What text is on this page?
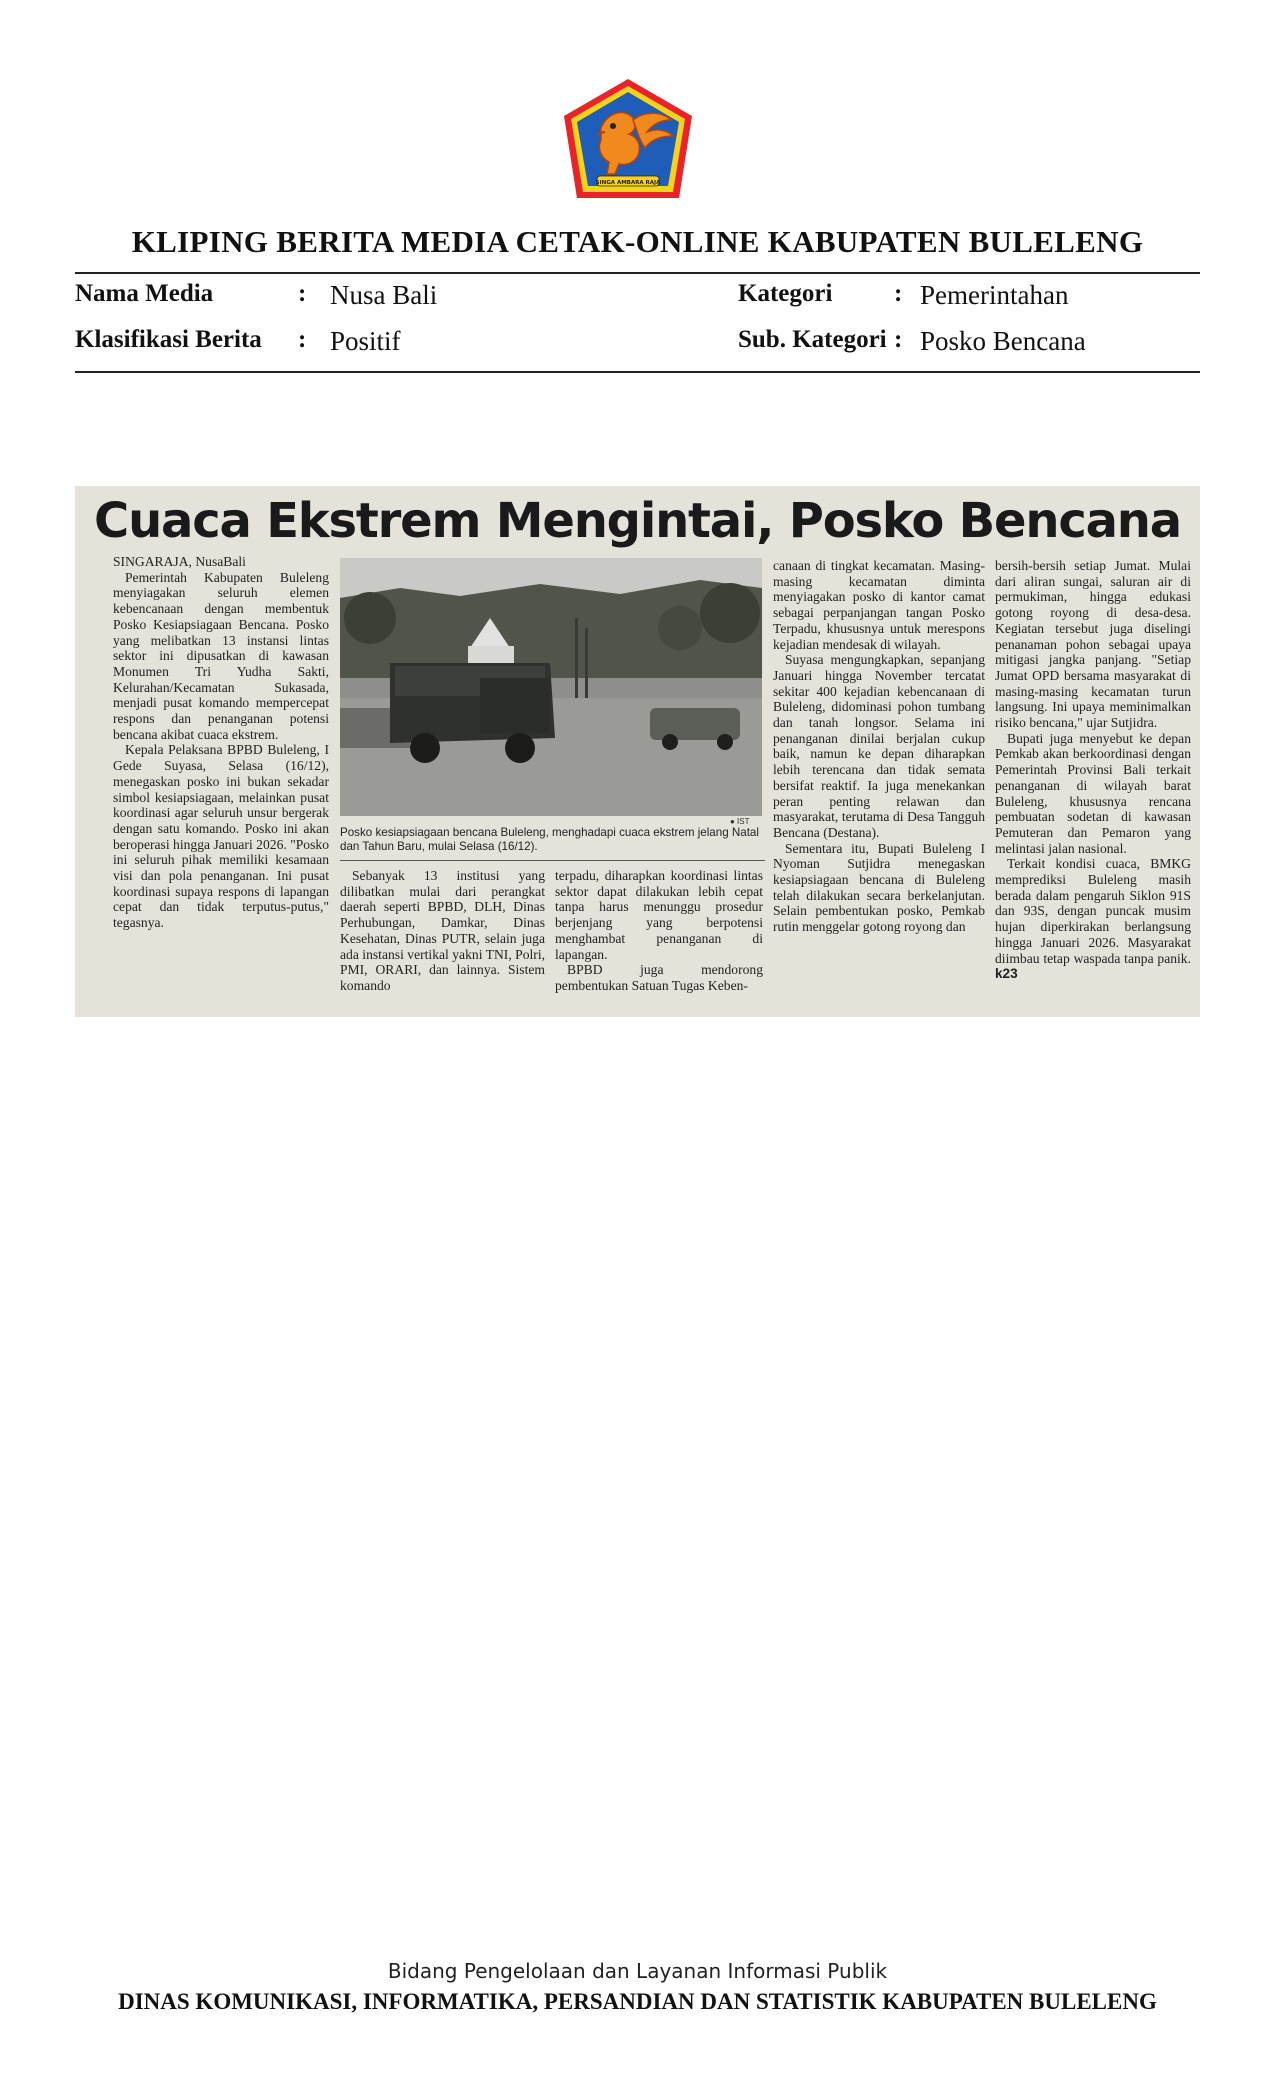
SINGA AMBARA RAJA
KLIPING BERITA MEDIA CETAK-ONLINE KABUPATEN BULELENG
Nama Media	: Nusa Bali	Kategori : Pemerintahan
Klasifikasi Berita : Positif	Sub. Kategori : Posko Bencana
Cuaca Ekstrem Mengintai, Posko Bencana

SINGARAJA, NusaBali

Pemerintah Kabupaten Buleleng menyiagakan seluruh elemen kebencanaan dengan membentuk Posko Kesiapsiagaan Bencana. Posko yang melibatkan 13 instansi lintas sektor ini dipusatkan di kawasan Monumen Tri Yudha Sakti, Kelurahan/Kecamatan Sukasada, menjadi pusat komando mempercepat respons dan penanganan potensi bencana akibat cuaca ekstrem.

Kepala Pelaksana BPBD Buleleng, I Gede Suyasa, Selasa (16/12), menegaskan posko ini bukan sekadar simbol kesiapsiagaan, melainkan pusat koordinasi agar seluruh unsur bergerak dengan satu komando. Posko ini akan beroperasi hingga Januari 2026. "Posko ini seluruh pihak memiliki kesamaan visi dan pola penanganan. Ini pusat koordinasi supaya respons di lapangan cepat dan tidak terputus-putus," tegasnya.

● IST
Posko kesiapsiagaan bencana Buleleng, menghadapi cuaca ekstrem jelang Natal dan Tahun Baru, mulai Selasa (16/12).

Sebanyak 13 institusi yang dilibatkan mulai dari perangkat daerah seperti BPBD, DLH, Dinas Perhubungan, Damkar, Dinas Kesehatan, Dinas PUTR, selain juga ada instansi vertikal yakni TNI, Polri, PMI, ORARI, dan lainnya. Sistem komando

terpadu, diharapkan koordinasi lintas sektor dapat dilakukan lebih cepat tanpa harus menunggu prosedur berjenjang yang berpotensi menghambat penanganan di lapangan.

BPBD juga mendorong pembentukan Satuan Tugas Keben-

canaan di tingkat kecamatan. Masing-masing kecamatan diminta menyiagakan posko di kantor camat sebagai perpanjangan tangan Posko Terpadu, khususnya untuk merespons kejadian mendesak di wilayah.

Suyasa mengungkapkan, sepanjang Januari hingga November tercatat sekitar 400 kejadian kebencanaan di Buleleng, didominasi pohon tumbang dan tanah longsor. Selama ini penanganan dinilai berjalan cukup baik, namun ke depan diharapkan lebih terencana dan tidak semata bersifat reaktif. Ia juga menekankan peran penting relawan dan masyarakat, terutama di Desa Tangguh Bencana (Destana).

Sementara itu, Bupati Buleleng I Nyoman Sutjidra menegaskan kesiapsiagaan bencana di Buleleng telah dilakukan secara berkelanjutan. Selain pembentukan posko, Pemkab rutin menggelar gotong royong dan

bersih-bersih setiap Jumat. Mulai dari aliran sungai, saluran air di permukiman, hingga edukasi gotong royong di desa-desa. Kegiatan tersebut juga diselingi penanaman pohon sebagai upaya mitigasi jangka panjang. "Setiap Jumat OPD bersama masyarakat di masing-masing kecamatan turun langsung. Ini upaya meminimalkan risiko bencana," ujar Sutjidra.

Bupati juga menyebut ke depan Pemkab akan berkoordinasi dengan Pemerintah Provinsi Bali terkait penanganan di wilayah barat Buleleng, khususnya rencana pembuatan sodetan di kawasan Pemuteran dan Pemaron yang melintasi jalan nasional.

Terkait kondisi cuaca, BMKG memprediksi Buleleng masih berada dalam pengaruh Siklon 91S dan 93S, dengan puncak musim hujan diperkirakan berlangsung hingga Januari 2026. Masyarakat diimbau tetap waspada tanpa panik. k23

Bidang Pengelolaan dan Layanan Informasi Publik
DINAS KOMUNIKASI, INFORMATIKA, PERSANDIAN DAN STATISTIK KABUPATEN BULELENG
